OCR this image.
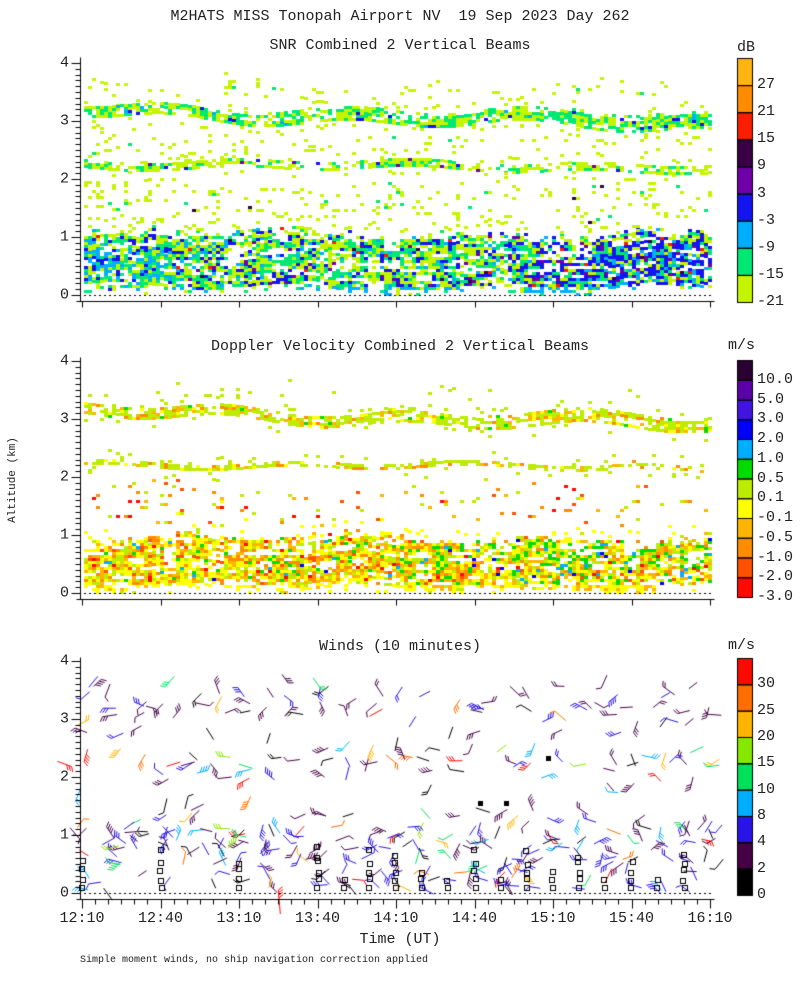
M2HATS MISS Tonopah Airport NV  19 Sep 2023 Day 262
SNR Combined 2 Vertical Beams
Doppler Velocity Combined 2 Vertical Beams
Winds (10 minutes)
dB
m/s
m/s
Time (UT)
Altitude (km)
Simple moment winds, no ship navigation correction applied
12:10 12:40 13:10 13:40 14:10 14:40 15:10 15:40 16:10
4
3
2
1
0
4
3
2
1
0
4
3
2
1
0
27
21
15
9
3
-3
-9
-15
-21
10.0
5.0
3.0
2.0
1.0
0.5
0.1
-0.1
-0.5
-1.0
-2.0
-3.0
30
25
20
15
10
8
4
2
0
